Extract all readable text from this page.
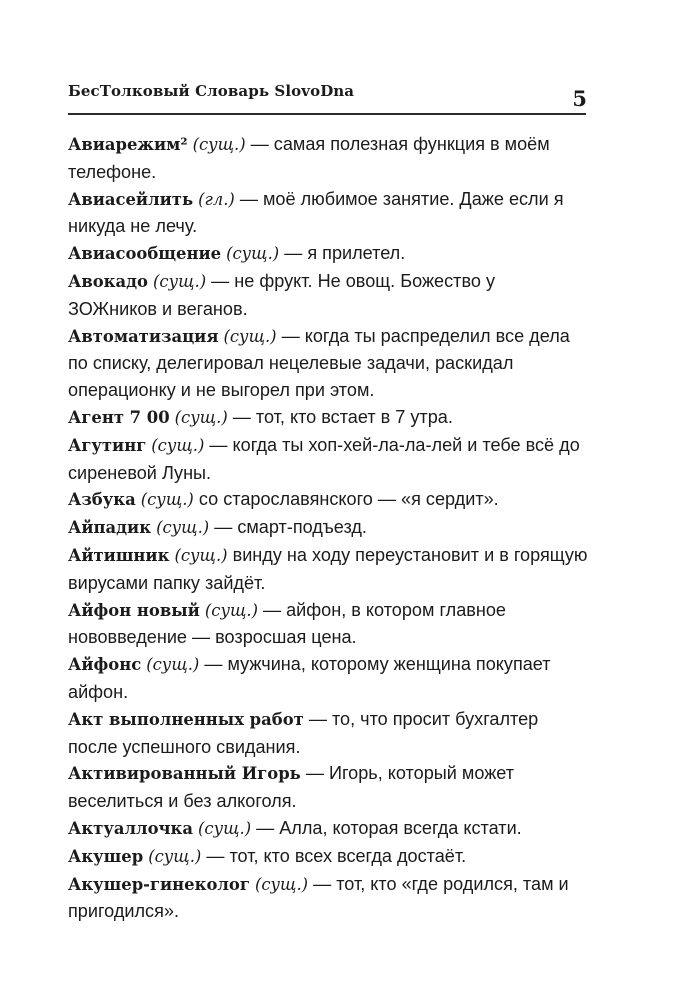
БесТолковый Словарь SlovoDna	5

Авиарежим² (сущ.) — самая полезная функция в моём телефоне.

Авиасейлить (гл.) — моё любимое занятие. Даже если я никуда не лечу.

Авиасообщение (сущ.) — я прилетел.

Авокадо (сущ.) — не фрукт. Не овощ. Божество у ЗОЖников и веганов.

Автоматизация (сущ.) — когда ты распределил все дела по списку, делегировал нецелевые задачи, раскидал операционку и не выгорел при этом.

Агент 7 00 (сущ.) — тот, кто встает в 7 утра.

Агутинг (сущ.) — когда ты хоп-хей-ла-ла-лей и тебе всё до сиреневой Луны.

Азбука (сущ.) со старославянского — «я сердит».

Айпадик (сущ.) — смарт-подъезд.

Айтишник (сущ.) винду на ходу переустановит и в горящую вирусами папку зайдёт.

Айфон новый (сущ.) — айфон, в котором главное нововведение — возросшая цена.

Айфонс (сущ.) — мужчина, которому женщина покупает айфон.

Акт выполненных работ — то, что просит бухгалтер после успешного свидания.

Активированный Игорь — Игорь, который может веселиться и без алкоголя.

Актуаллочка (сущ.) — Алла, которая всегда кстати.

Акушер (сущ.) — тот, кто всех всегда достаёт.

Акушер-гинеколог (сущ.) — тот, кто «где родился, там и пригодился».
